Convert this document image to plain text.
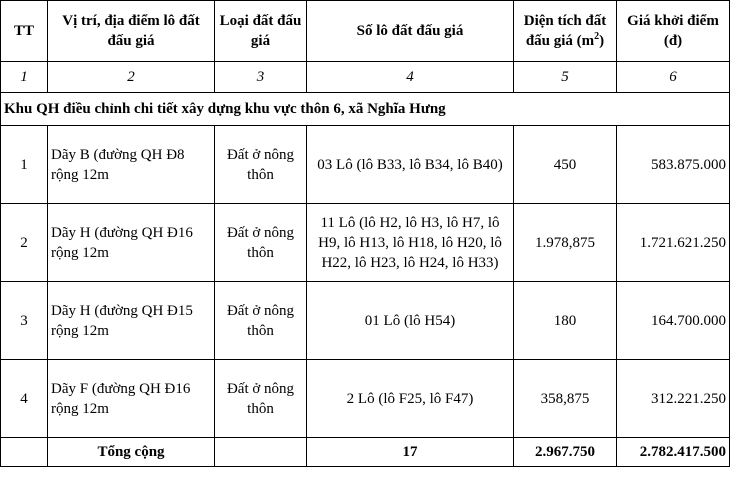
TT	Vị trí, địa điểm lô đất đấu giá	Loại đất đấu giá	Số lô đất đấu giá	Diện tích đất đấu giá $(m^2)$	Giá khởi điểm (đ)
1	2	3	4	5	6
Khu QH điều chỉnh chi tiết xây dựng khu vực thôn 6, xã Nghĩa Hưng					
1	Dãy B (đường QH Đ8 rộng 12m	Đất ở nông thôn	03 Lô (lô B33, lô B34, lô B40)	450	583.875.000
2	Dãy H (đường QH Đ16 rộng 12m	Đất ở nông thôn	11 Lô (lô H2, lô H3, lô H7, lô H9, lô H13, lô H18, lô H20, lô H22, lô H23, lô H24, lô H33)	1.978,875	1.721.621.250
3	Dãy H (đường QH Đ15 rộng 12m	Đất ở nông thôn	01 Lô (lô H54)	180	164.700.000
4	Dãy F (đường QH Đ16 rộng 12m	Đất ở nông thôn	2 Lô (lô F25, lô F47)	358,875	312.221.250
	Tổng cộng		17	2.967.750	2.782.417.500
